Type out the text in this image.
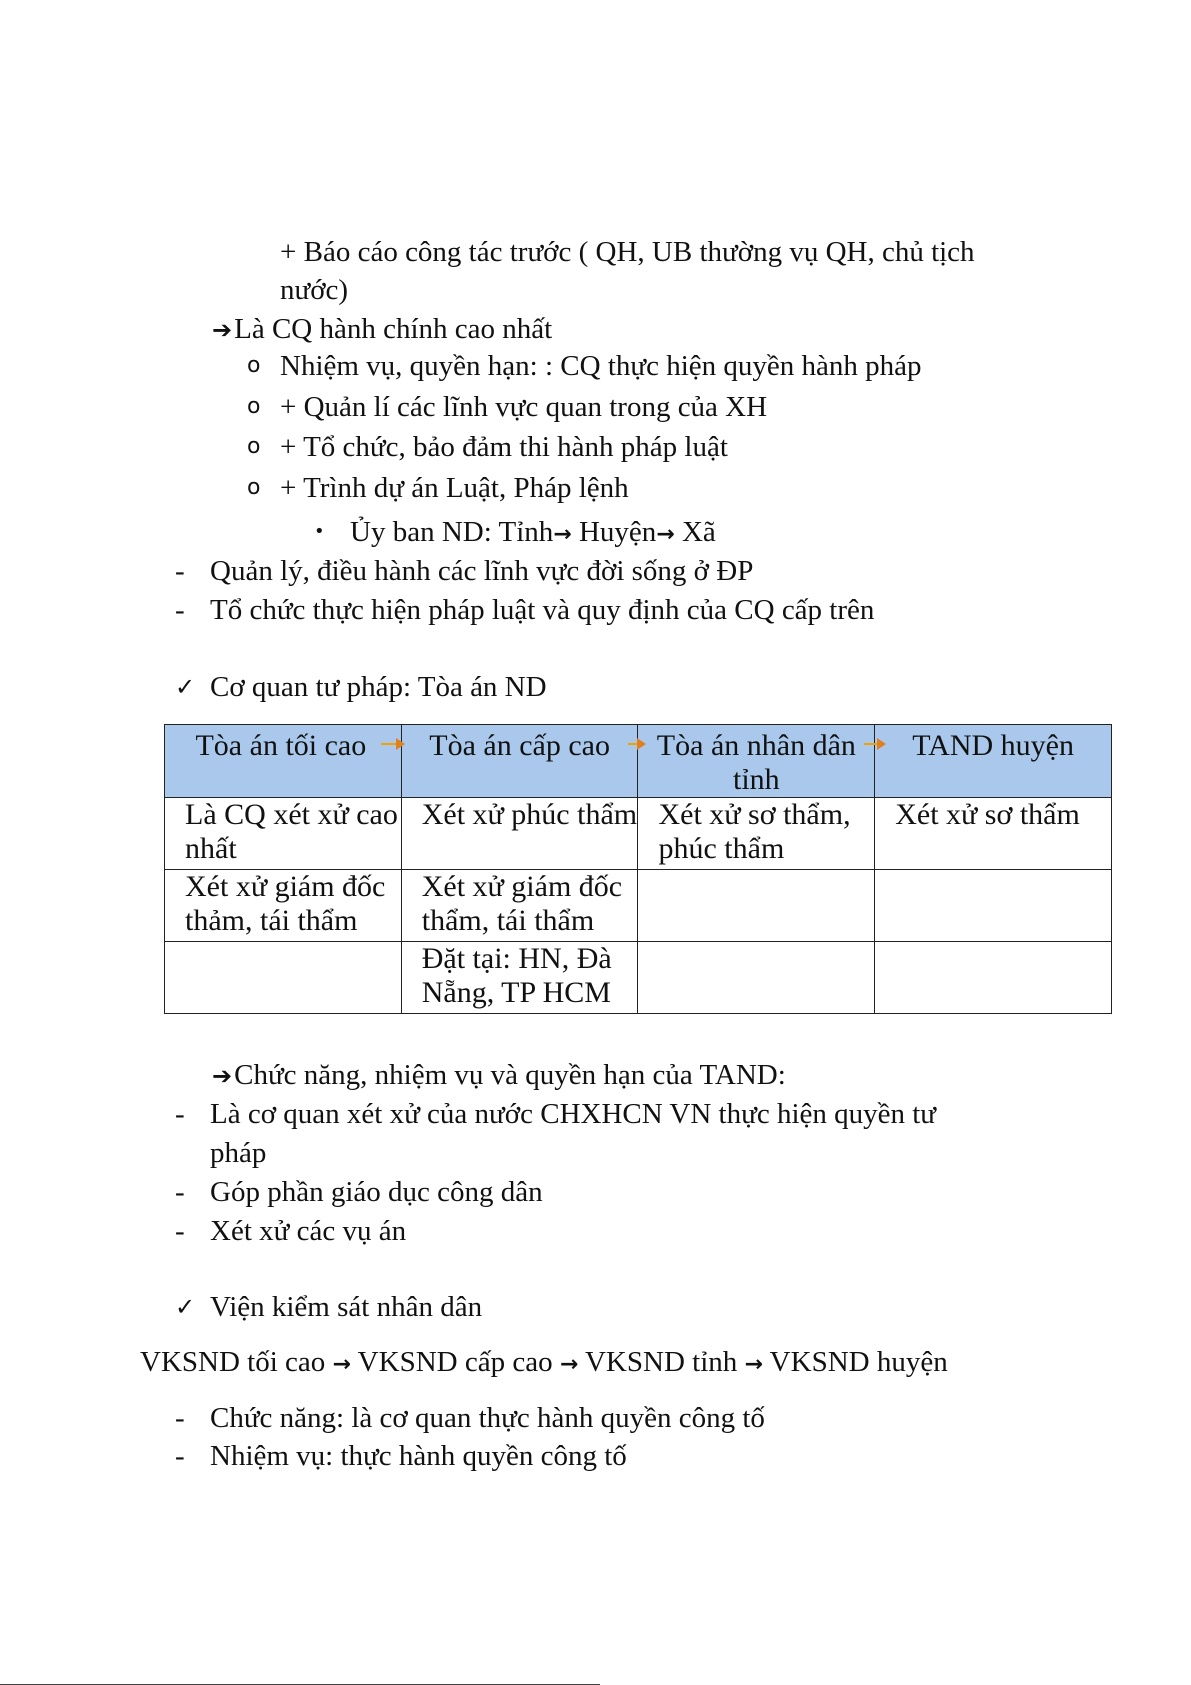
+ Báo cáo công tác trước ( QH, UB thường vụ QH, chủ tịch
nước)
➔Là CQ hành chính cao nhất
o Nhiệm vụ, quyền hạn: : CQ thực hiện quyền hành pháp
o + Quản lí các lĩnh vực quan trong của XH
o + Tổ chức, bảo đảm thi hành pháp luật
o + Trình dự án Luật, Pháp lệnh
• Ủy ban ND: Tỉnh→ Huyện→ Xã
- Quản lý, điều hành các lĩnh vực đời sống ở ĐP
- Tổ chức thực hiện pháp luật và quy định của CQ cấp trên
✓ Cơ quan tư pháp: Tòa án ND
Tòa án tối cao	Tòa án cấp cao	Tòa án nhân dân tỉnh	TAND huyện
Là CQ xét xử cao nhất	Xét xử phúc thẩm	Xét xử sơ thẩm, phúc thẩm	Xét xử sơ thẩm
Xét xử giám đốc thảm, tái thẩm	Xét xử giám đốc thẩm, tái thẩm		
	Đặt tại: HN, Đà Nẵng, TP HCM		
➔Chức năng, nhiệm vụ và quyền hạn của TAND:
- Là cơ quan xét xử của nước CHXHCN VN thực hiện quyền tư
pháp
- Góp phần giáo dục công dân
- Xét xử các vụ án
✓ Viện kiểm sát nhân dân
VKSND tối cao → VKSND cấp cao → VKSND tỉnh → VKSND huyện
- Chức năng: là cơ quan thực hành quyền công tố
- Nhiệm vụ: thực hành quyền công tố
